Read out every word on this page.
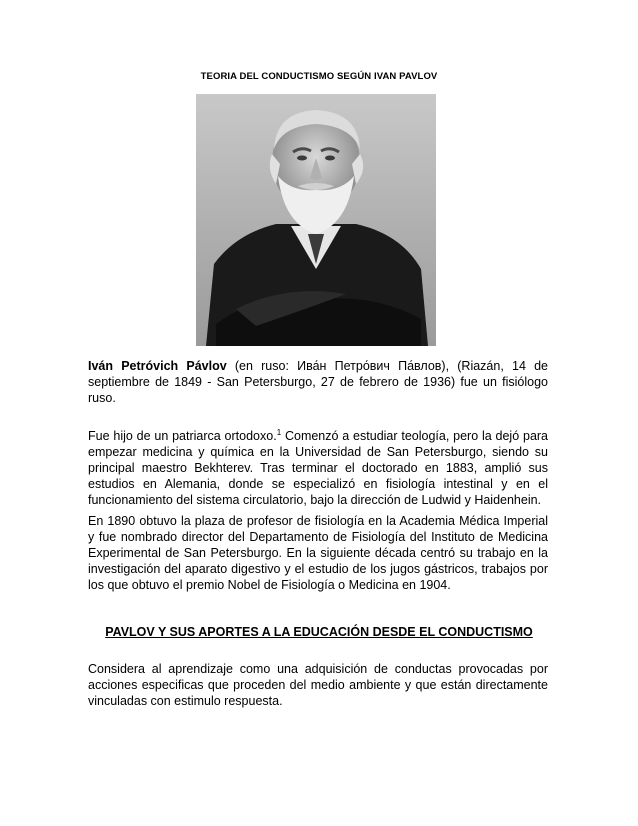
TEORIA DEL CONDUCTISMO SEGÚN IVAN PAVLOV

Iván Petróvich Pávlov (en ruso: Ива́н Петро́вич Па́влов), (Riazán, 14 de septiembre de 1849 - San Petersburgo, 27 de febrero de 1936) fue un fisiólogo ruso.

Fue hijo de un patriarca ortodoxo.$^1$ Comenzó a estudiar teología, pero la dejó para empezar medicina y química en la Universidad de San Petersburgo, siendo su principal maestro Bekhterev. Tras terminar el doctorado en 1883, amplió sus estudios en Alemania, donde se especializó en fisiología intestinal y en el funcionamiento del sistema circulatorio, bajo la dirección de Ludwid y Haidenhein.

En 1890 obtuvo la plaza de profesor de fisiología en la Academia Médica Imperial y fue nombrado director del Departamento de Fisiología del Instituto de Medicina Experimental de San Petersburgo. En la siguiente década centró su trabajo en la investigación del aparato digestivo y el estudio de los jugos gástricos, trabajos por los que obtuvo el premio Nobel de Fisiología o Medicina en 1904.

PAVLOV Y SUS APORTES A LA EDUCACIÓN DESDE EL CONDUCTISMO

Considera al aprendizaje como una adquisición de conductas provocadas por acciones especificas que proceden del medio ambiente y que están directamente vinculadas con estimulo respuesta.
